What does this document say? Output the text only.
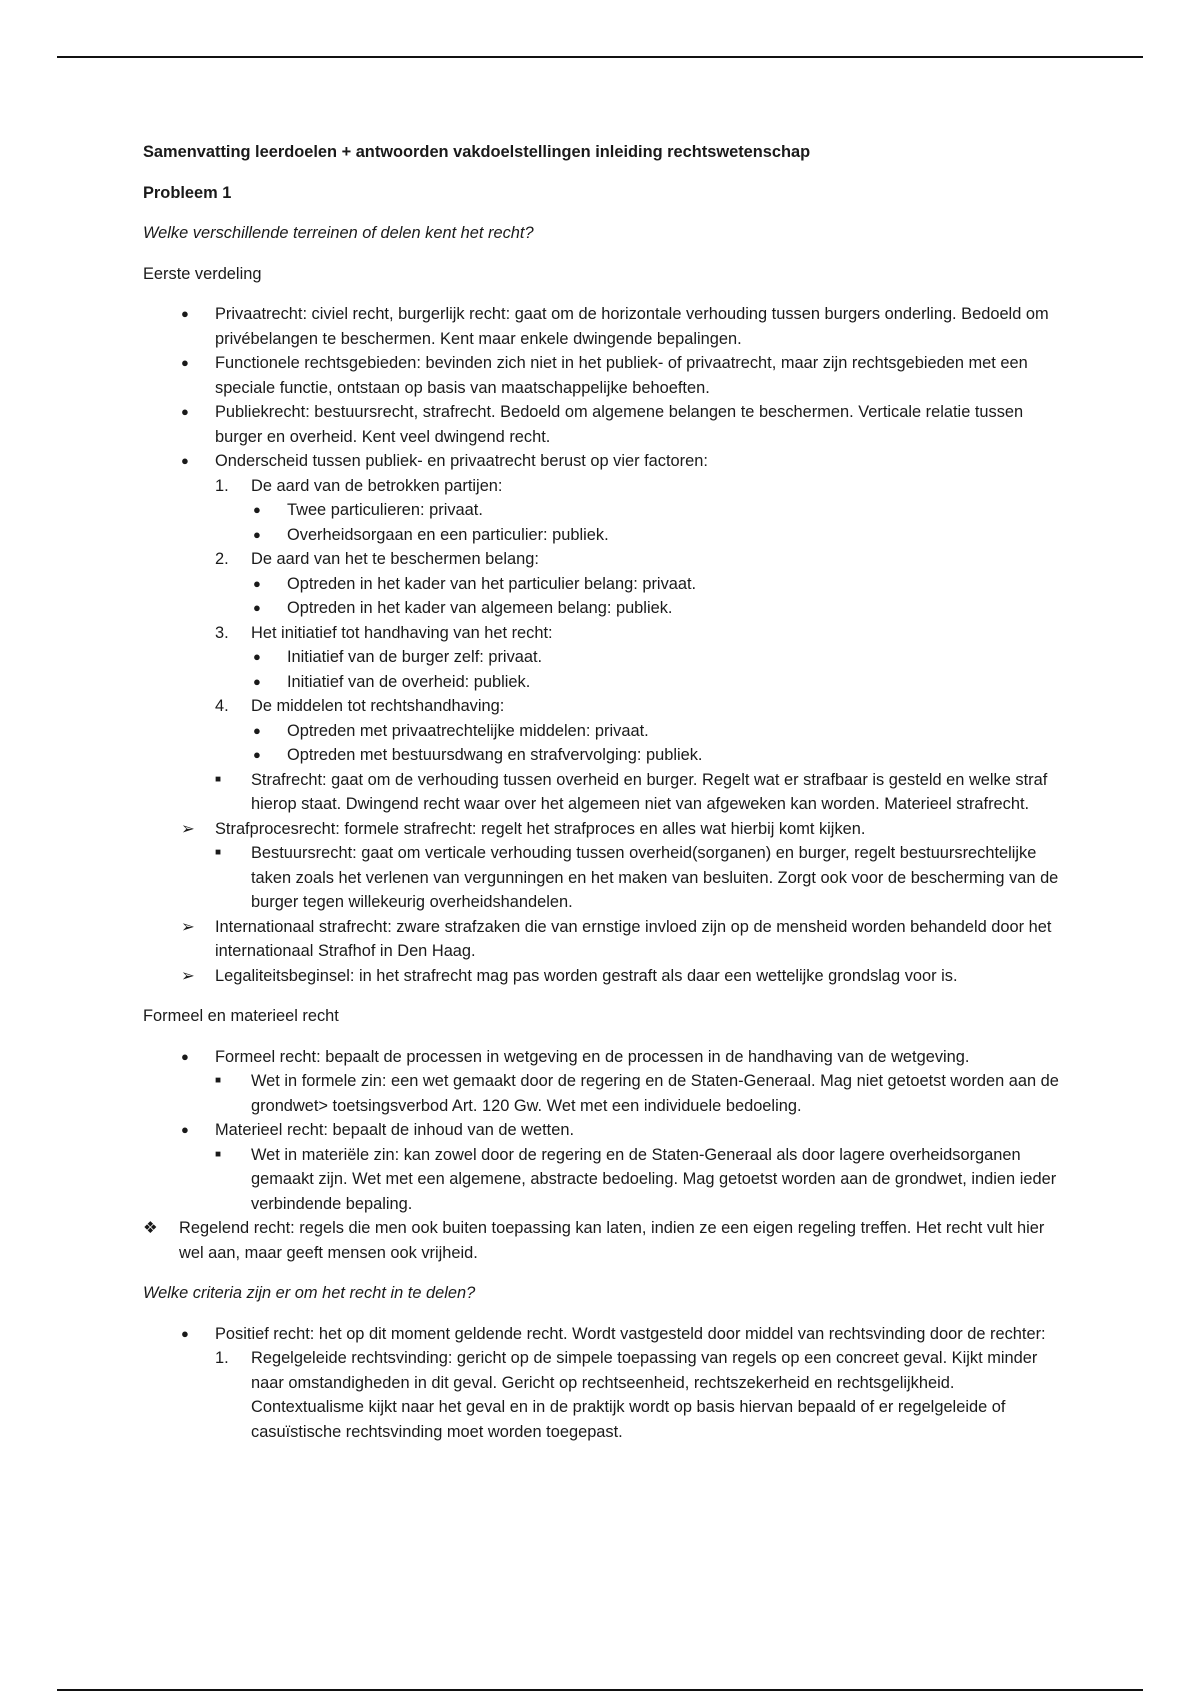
Samenvatting leerdoelen + antwoorden vakdoelstellingen inleiding rechtswetenschap
Probleem 1
Welke verschillende terreinen of delen kent het recht?
Eerste verdeling
● Privaatrecht: civiel recht, burgerlijk recht: gaat om de horizontale verhouding tussen burgers onderling. Bedoeld om privébelangen te beschermen. Kent maar enkele dwingende bepalingen.
● Functionele rechtsgebieden: bevinden zich niet in het publiek- of privaatrecht, maar zijn rechtsgebieden met een speciale functie, ontstaan op basis van maatschappelijke behoeften.
● Publiekrecht: bestuursrecht, strafrecht. Bedoeld om algemene belangen te beschermen. Verticale relatie tussen burger en overheid. Kent veel dwingend recht.
● Onderscheid tussen publiek- en privaatrecht berust op vier factoren:
1. De aard van de betrokken partijen:
● Twee particulieren: privaat.
● Overheidsorgaan en een particulier: publiek.
2. De aard van het te beschermen belang:
● Optreden in het kader van het particulier belang: privaat.
● Optreden in het kader van algemeen belang: publiek.
3. Het initiatief tot handhaving van het recht:
● Initiatief van de burger zelf: privaat.
● Initiatief van de overheid: publiek.
4. De middelen tot rechtshandhaving:
● Optreden met privaatrechtelijke middelen: privaat.
● Optreden met bestuursdwang en strafvervolging: publiek.
■ Strafrecht: gaat om de verhouding tussen overheid en burger. Regelt wat er strafbaar is gesteld en welke straf hierop staat. Dwingend recht waar over het algemeen niet van afgeweken kan worden. Materieel strafrecht.
➢ Strafprocesrecht: formele strafrecht: regelt het strafproces en alles wat hierbij komt kijken.
■ Bestuursrecht: gaat om verticale verhouding tussen overheid(sorganen) en burger, regelt bestuursrechtelijke taken zoals het verlenen van vergunningen en het maken van besluiten. Zorgt ook voor de bescherming van de burger tegen willekeurig overheidshandelen.
➢ Internationaal strafrecht: zware strafzaken die van ernstige invloed zijn op de mensheid worden behandeld door het internationaal Strafhof in Den Haag.
➢ Legaliteitsbeginsel: in het strafrecht mag pas worden gestraft als daar een wettelijke grondslag voor is.
Formeel en materieel recht
● Formeel recht: bepaalt de processen in wetgeving en de processen in de handhaving van de wetgeving.
■ Wet in formele zin: een wet gemaakt door de regering en de Staten-Generaal. Mag niet getoetst worden aan de grondwet> toetsingsverbod Art. 120 Gw. Wet met een individuele bedoeling.
● Materieel recht: bepaalt de inhoud van de wetten.
■ Wet in materiële zin: kan zowel door de regering en de Staten-Generaal als door lagere overheidsorganen gemaakt zijn. Wet met een algemene, abstracte bedoeling. Mag getoetst worden aan de grondwet, indien ieder verbindende bepaling.
❖ Regelend recht: regels die men ook buiten toepassing kan laten, indien ze een eigen regeling treffen. Het recht vult hier wel aan, maar geeft mensen ook vrijheid.
Welke criteria zijn er om het recht in te delen?
● Positief recht: het op dit moment geldende recht. Wordt vastgesteld door middel van rechtsvinding door de rechter:
1. Regelgeleide rechtsvinding: gericht op de simpele toepassing van regels op een concreet geval. Kijkt minder naar omstandigheden in dit geval. Gericht op rechtseenheid, rechtszekerheid en rechtsgelijkheid. Contextualisme kijkt naar het geval en in de praktijk wordt op basis hiervan bepaald of er regelgeleide of casuïstische rechtsvinding moet worden toegepast.
